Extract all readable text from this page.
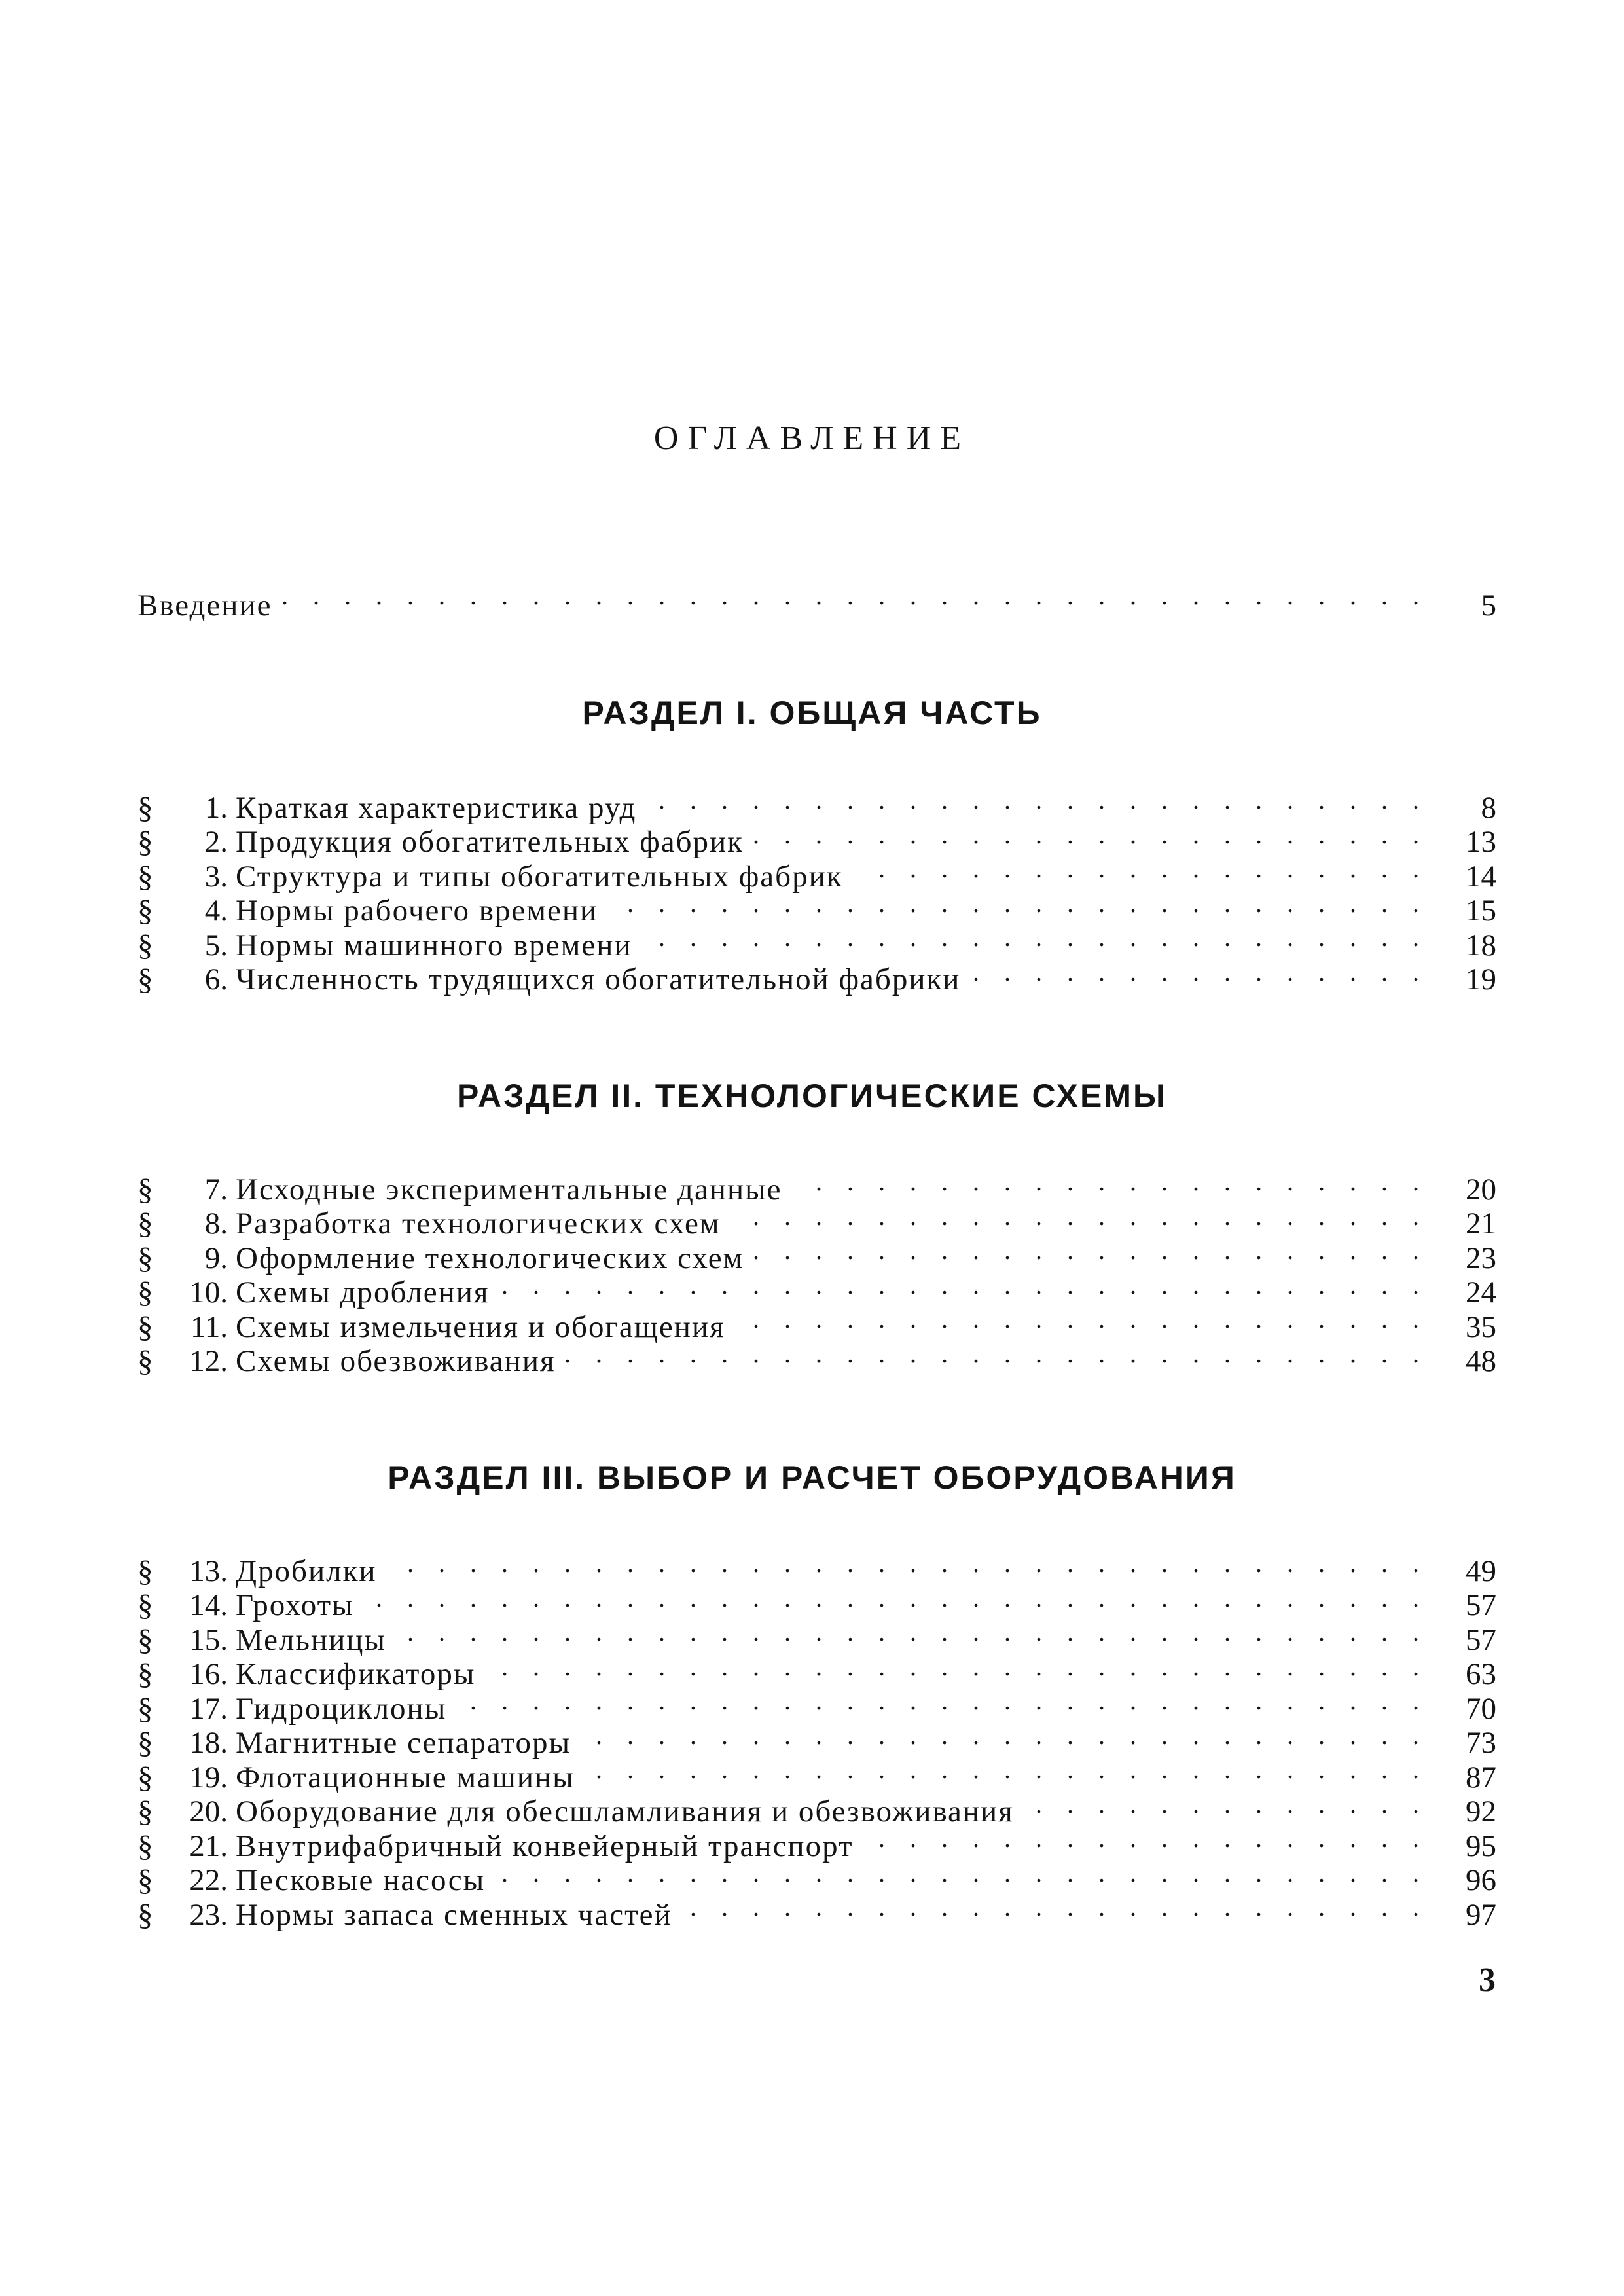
ОГЛАВЛЕНИЕ
Введение . . .	5
РАЗДЕЛ I. ОБЩАЯ ЧАСТЬ
§	1. Краткая характеристика руд . . .	8
§	2. Продукция обогатительных фабрик . . .	13
§	3. Структура и типы обогатительных фабрик . . .	14
§	4. Нормы рабочего времени . . .	15
§	5. Нормы машинного времени . . .	18
§	6. Численность трудящихся обогатительной фабрики . . .	19
РАЗДЕЛ II. ТЕХНОЛОГИЧЕСКИЕ СХЕМЫ
§	7. Исходные экспериментальные данные . . .	20
§	8. Разработка технологических схем . . .	21
§	9. Оформление технологических схем . . .	23
§	10. Схемы дробления . . .	24
§	11. Схемы измельчения и обогащения . . .	35
§	12. Схемы обезвоживания . . .	48
РАЗДЕЛ III. ВЫБОР И РАСЧЕТ ОБОРУДОВАНИЯ
§	13. Дробилки . . .	49
§	14. Грохоты . . .	57
§	15. Мельницы . . .	57
§	16. Классификаторы . . .	63
§	17. Гидроциклоны . . .	70
§	18. Магнитные сепараторы . . .	73
§	19. Флотационные машины . . .	87
§	20. Оборудование для обесшламливания и обезвоживания . . .	92
§	21. Внутрифабричный конвейерный транспорт . . .	95
§	22. Песковые насосы . . .	96
§	23. Нормы запаса сменных частей . . .	97
3
